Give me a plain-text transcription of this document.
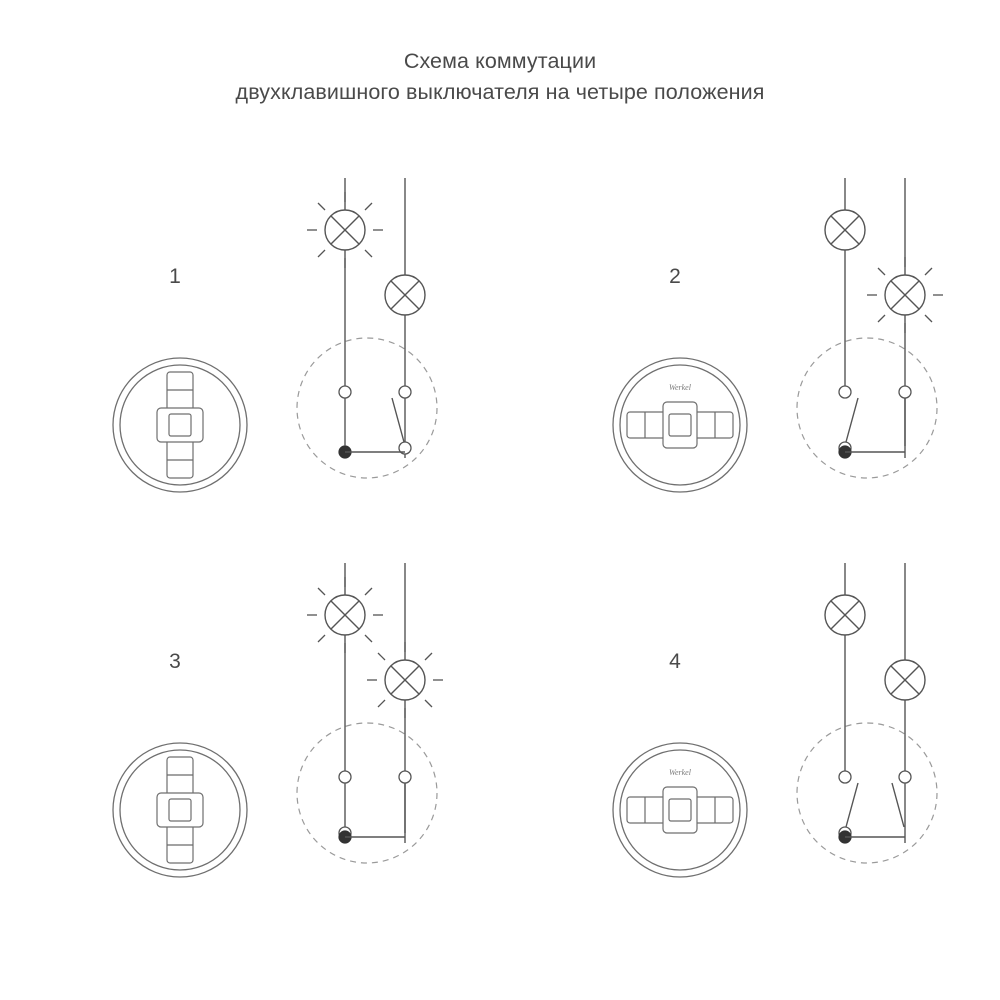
Схема коммутации
двухклавишного выключателя на четыре положения
1	2
Werkel
3	4
Werkel
